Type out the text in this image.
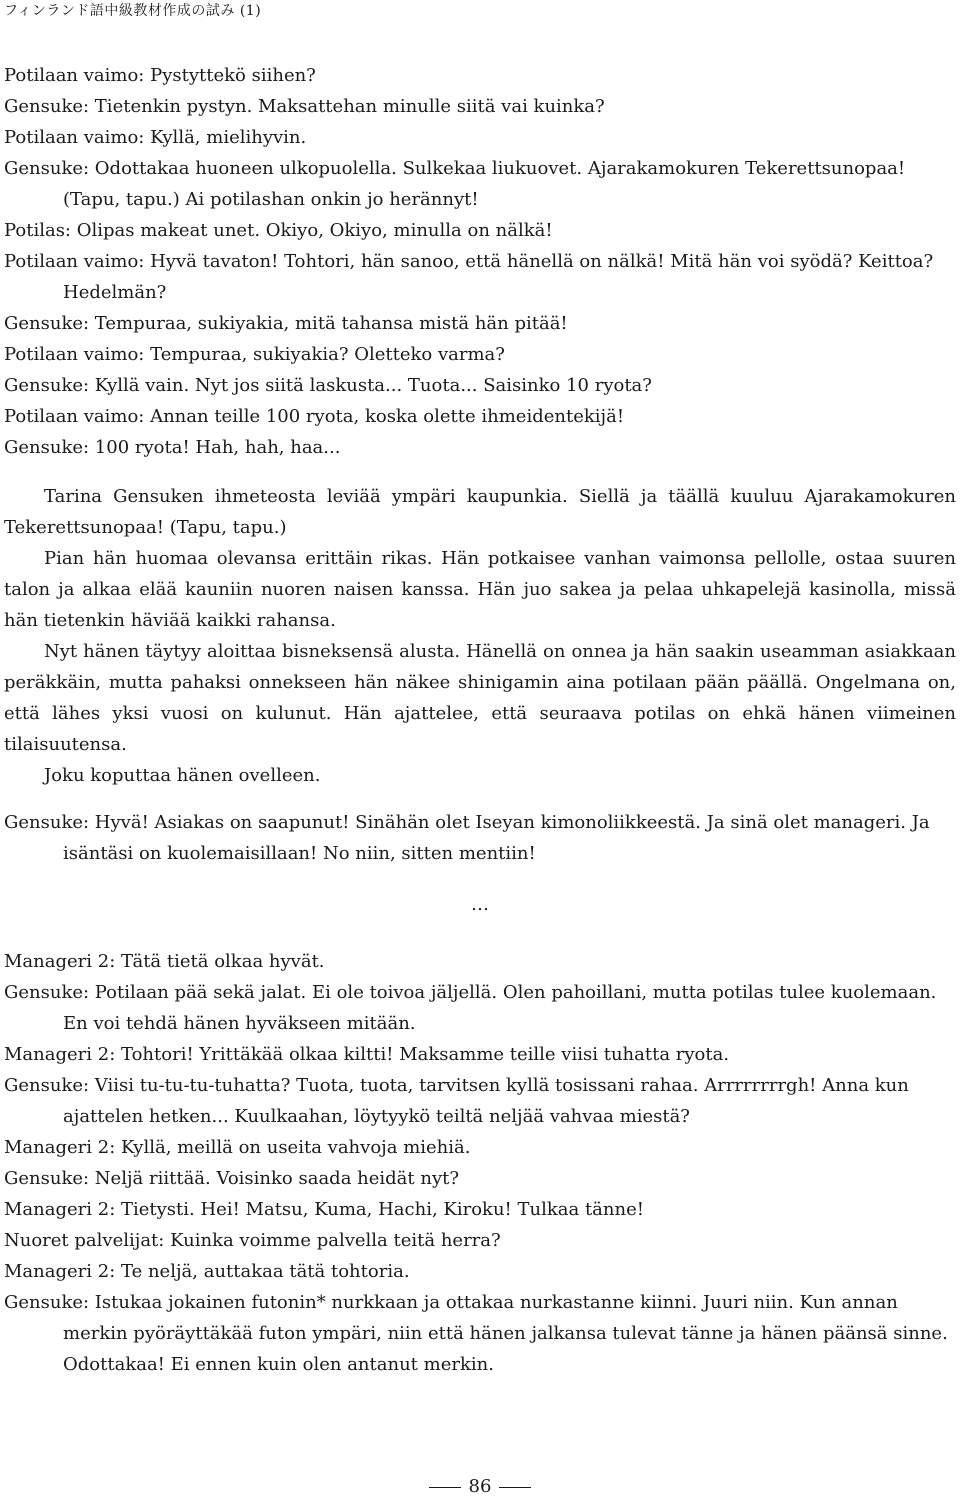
フィンランド語中級教材作成の試み (1)
Potilaan vaimo: Pystyttekö siihen?
Gensuke: Tietenkin pystyn. Maksattehan minulle siitä vai kuinka?
Potilaan vaimo: Kyllä, mielihyvin.
Gensuke: Odottakaa huoneen ulkopuolella. Sulkekaa liukuovet. Ajarakamokuren Tekerettsunopaa! (Tapu, tapu.) Ai potilashan onkin jo herännyt!
Potilas: Olipas makeat unet. Okiyo, Okiyo, minulla on nälkä!
Potilaan vaimo: Hyvä tavaton! Tohtori, hän sanoo, että hänellä on nälkä! Mitä hän voi syödä? Keittoa? Hedelmän?
Gensuke: Tempuraa, sukiyakia, mitä tahansa mistä hän pitää!
Potilaan vaimo: Tempuraa, sukiyakia? Oletteko varma?
Gensuke: Kyllä vain. Nyt jos siitä laskusta... Tuota... Saisinko 10 ryota?
Potilaan vaimo: Annan teille 100 ryota, koska olette ihmeidentekijä!
Gensuke: 100 ryota! Hah, hah, haa...
Tarina Gensuken ihmeteosta leviää ympäri kaupunkia. Siellä ja täällä kuuluu Ajarakamokuren Tekerettsunopaa! (Tapu, tapu.)
Pian hän huomaa olevansa erittäin rikas. Hän potkaisee vanhan vaimonsa pellolle, ostaa suuren talon ja alkaa elää kauniin nuoren naisen kanssa. Hän juo sakea ja pelaa uhkapelejä kasinolla, missä hän tietenkin häviää kaikki rahansa.
Nyt hänen täytyy aloittaa bisneksensä alusta. Hänellä on onnea ja hän saakin useamman asiakkaan peräkkäin, mutta pahaksi onnekseen hän näkee shinigamin aina potilaan pään päällä. Ongelmana on, että lähes yksi vuosi on kulunut. Hän ajattelee, että seuraava potilas on ehkä hänen viimeinen tilaisuutensa.
Joku koputtaa hänen ovelleen.
Gensuke: Hyvä! Asiakas on saapunut! Sinähän olet Iseyan kimonoliikkeestä. Ja sinä olet manageri. Ja isäntäsi on kuolemaisillaan! No niin, sitten mentiin!
…
Manageri 2: Tätä tietä olkaa hyvät.
Gensuke: Potilaan pää sekä jalat. Ei ole toivoa jäljellä. Olen pahoillani, mutta potilas tulee kuolemaan. En voi tehdä hänen hyväkseen mitään.
Manageri 2: Tohtori! Yrittäkää olkaa kiltti! Maksamme teille viisi tuhatta ryota.
Gensuke: Viisi tu-tu-tu-tuhatta? Tuota, tuota, tarvitsen kyllä tosissani rahaa. Arrrrrrrrgh! Anna kun ajattelen hetken... Kuulkaahan, löytyykö teiltä neljää vahvaa miestä?
Manageri 2: Kyllä, meillä on useita vahvoja miehiä.
Gensuke: Neljä riittää. Voisinko saada heidät nyt?
Manageri 2: Tietysti. Hei! Matsu, Kuma, Hachi, Kiroku! Tulkaa tänne!
Nuoret palvelijat: Kuinka voimme palvella teitä herra?
Manageri 2: Te neljä, auttakaa tätä tohtoria.
Gensuke: Istukaa jokainen futonin* nurkkaan ja ottakaa nurkastanne kiinni. Juuri niin. Kun annan merkin pyöräyttäkää futon ympäri, niin että hänen jalkansa tulevat tänne ja hänen päänsä sinne. Odottakaa! Ei ennen kuin olen antanut merkin.
86
